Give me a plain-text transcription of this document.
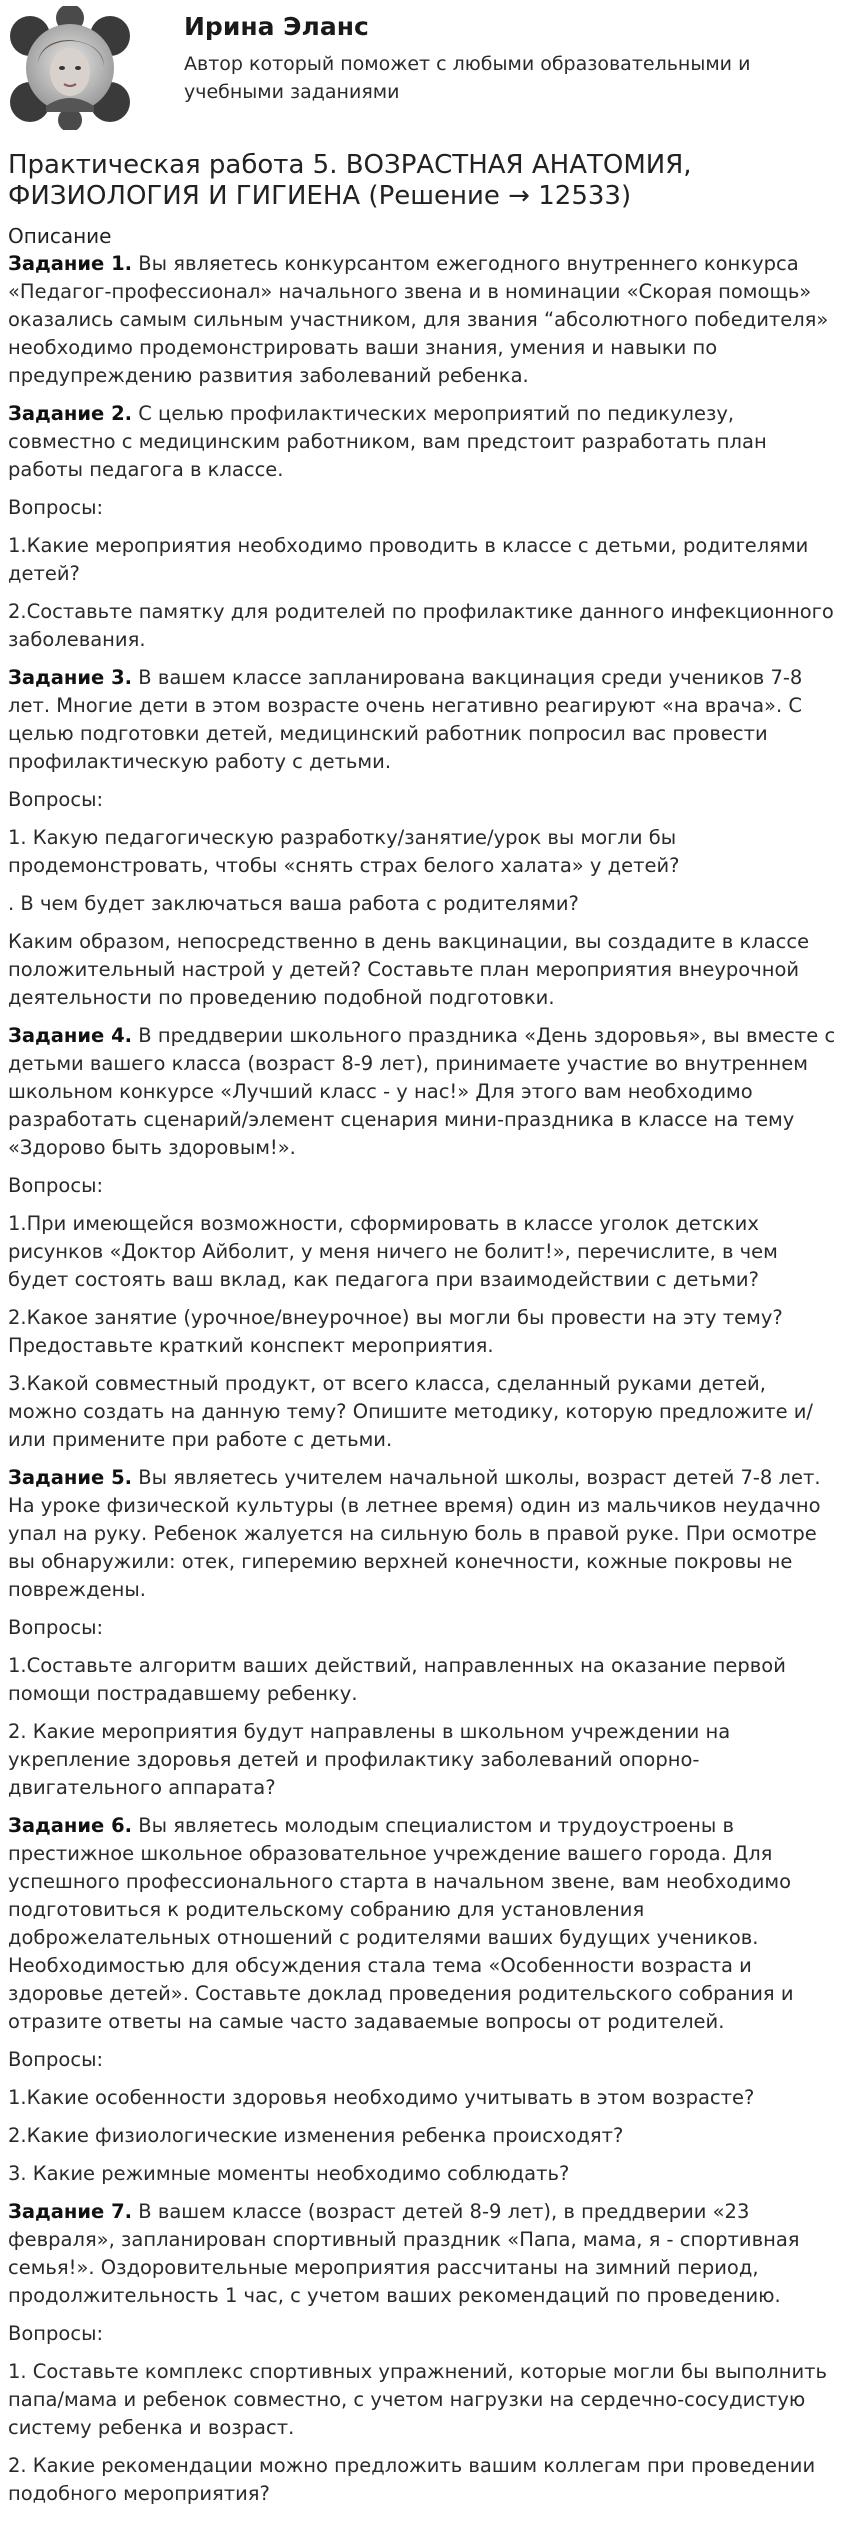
Ирина Эланс
Автор который поможет с любыми образовательными и учебными заданиями
Практическая работа 5. ВОЗРАСТНАЯ АНАТОМИЯ, ФИЗИОЛОГИЯ И ГИГИЕНА (Решение → 12533)
Описание
Задание 1. Вы являетесь конкурсантом ежегодного внутреннего конкурса «Педагог-профессионал» начального звена и в номинации «Скорая помощь» оказались самым сильным участником, для звания “абсолютного победителя» необходимо продемонстрировать ваши знания, умения и навыки по предупреждению развития заболеваний ребенка.
Задание 2. С целью профилактических мероприятий по педикулезу, совместно с медицинским работником, вам предстоит разработать план работы педагога в классе.
Вопросы:
1.Какие мероприятия необходимо проводить в классе с детьми, родителями детей?
2.Составьте памятку для родителей по профилактике данного инфекционного заболевания.
Задание 3. В вашем классе запланирована вакцинация среди учеников 7-8 лет. Многие дети в этом возрасте очень негативно реагируют «на врача». С целью подготовки детей, медицинский работник попросил вас провести профилактическую работу с детьми.
Вопросы:
1. Какую педагогическую разработку/занятие/урок вы могли бы продемонстровать, чтобы «снять страх белого халата» у детей?
. В чем будет заключаться ваша работа с родителями?
Каким образом, непосредственно в день вакцинации, вы создадите в классе положительный настрой у детей? Составьте план мероприятия внеурочной деятельности по проведению подобной подготовки.
Задание 4. В преддверии школьного праздника «День здоровья», вы вместе с детьми вашего класса (возраст 8-9 лет), принимаете участие во внутреннем школьном конкурсе «Лучший класс - у нас!» Для этого вам необходимо разработать сценарий/элемент сценария мини-праздника в классе на тему «Здорово быть здоровым!».
Вопросы:
1.При имеющейся возможности, сформировать в классе уголок детских рисунков «Доктор Айболит, у меня ничего не болит!», перечислите, в чем будет состоять ваш вклад, как педагога при взаимодействии с детьми?
2.Какое занятие (урочное/внеурочное) вы могли бы провести на эту тему? Предоставьте краткий конспект мероприятия.
3.Какой совместный продукт, от всего класса, сделанный руками детей, можно создать на данную тему? Опишите методику, которую предложите и/или примените при работе с детьми.
Задание 5. Вы являетесь учителем начальной школы, возраст детей 7-8 лет. На уроке физической культуры (в летнее время) один из мальчиков неудачно упал на руку. Ребенок жалуется на сильную боль в правой руке. При осмотре вы обнаружили: отек, гиперемию верхней конечности, кожные покровы не повреждены.
Вопросы:
1.Составьте алгоритм ваших действий, направленных на оказание первой помощи пострадавшему ребенку.
2. Какие мероприятия будут направлены в школьном учреждении на укрепление здоровья детей и профилактику заболеваний опорно-двигательного аппарата?
Задание 6. Вы являетесь молодым специалистом и трудоустроены в престижное школьное образовательное учреждение вашего города. Для успешного профессионального старта в начальном звене, вам необходимо подготовиться к родительскому собранию для установления доброжелательных отношений с родителями ваших будущих учеников. Необходимостью для обсуждения стала тема «Особенности возраста и здоровье детей». Составьте доклад проведения родительского собрания и отразите ответы на самые часто задаваемые вопросы от родителей.
Вопросы:
1.Какие особенности здоровья необходимо учитывать в этом возрасте?
2.Какие физиологические изменения ребенка происходят?
3. Какие режимные моменты необходимо соблюдать?
Задание 7. В вашем классе (возраст детей 8-9 лет), в преддверии «23 февраля», запланирован спортивный праздник «Папа, мама, я - спортивная семья!». Оздоровительные мероприятия рассчитаны на зимний период, продолжительность 1 час, с учетом ваших рекомендаций по проведению.
Вопросы:
1. Составьте комплекс спортивных упражнений, которые могли бы выполнить папа/мама и ребенок совместно, с учетом нагрузки на сердечно-сосудистую систему ребенка и возраст.
2. Какие рекомендации можно предложить вашим коллегам при проведении подобного мероприятия?
